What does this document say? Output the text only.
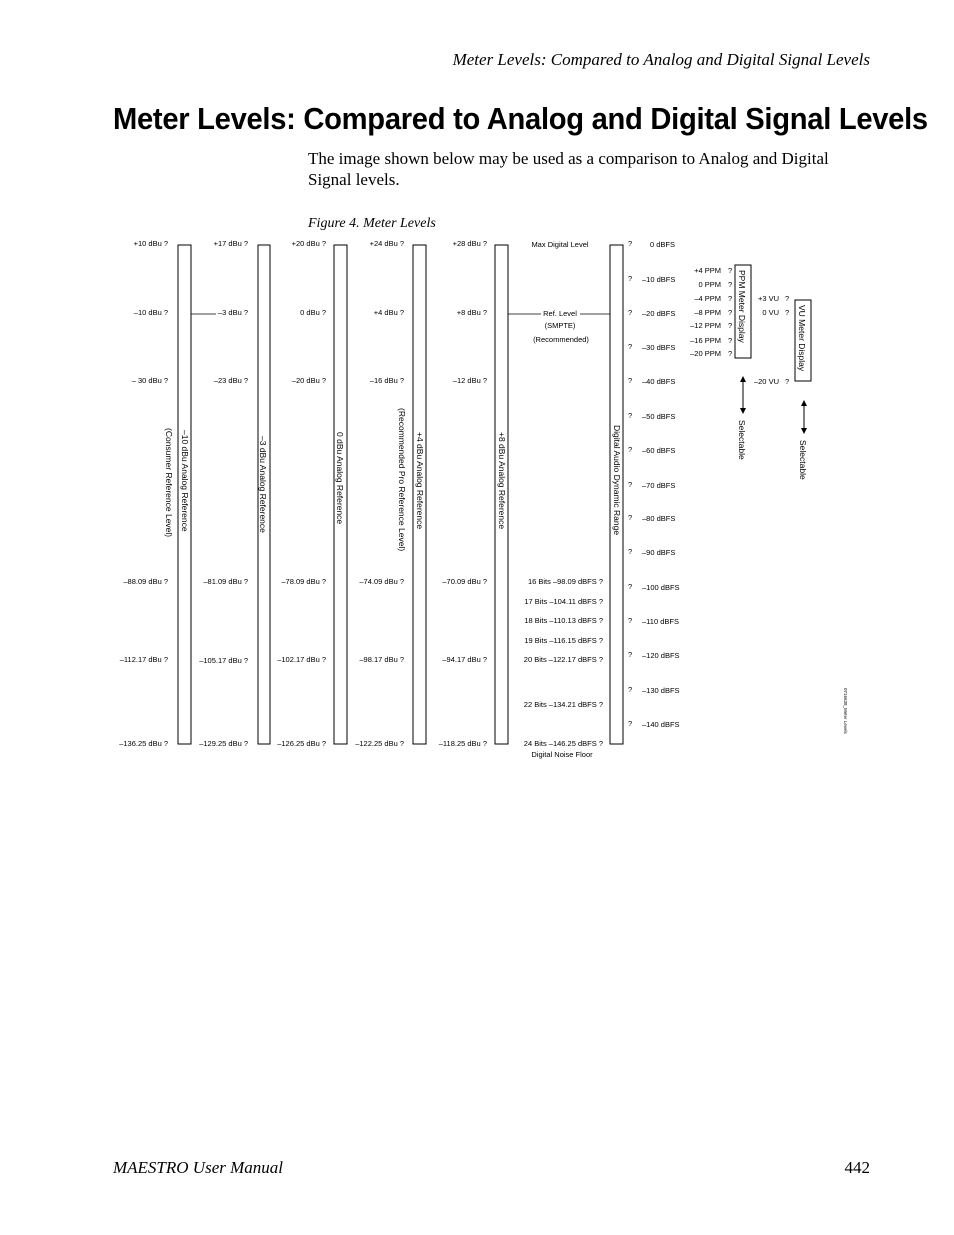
Meter Levels: Compared to Analog and Digital Signal Levels
Meter Levels: Compared to Analog and Digital Signal Levels

The image shown below may be used as a comparison to Analog and Digital Signal levels.

Figure 4. Meter Levels
+10 dBu ?
–10 dBu ?
– 30 dBu ?
–88.09 dBu ?
–112.17 dBu ?
–136.25 dBu ?
–10 dBu Analog Reference
(Consumer Reference Level)
+17 dBu ?
–3 dBu ?
–23 dBu ?
–81.09 dBu ?
–105.17 dBu ?
–129.25 dBu ?
–3 dBu Analog Reference
+20 dBu ?
0 dBu ?
–20 dBu ?
–78.09 dBu ?
–102.17 dBu ?
–126.25 dBu ?
0 dBu Analog Reference
+24 dBu ?
+4 dBu ?
–16 dBu ?
–74.09 dBu ?
–98.17 dBu ?
–122.25 dBu ?
+4 dBu Analog Reference
(Recommended Pro Reference Level)
+28 dBu ?
+8 dBu ?
–12 dBu ?
–70.09 dBu ?
–94.17 dBu ?
–118.25 dBu ?
+8 dBu Analog Reference
Max Digital Level
Ref. Level
(SMPTE)
(Recommended)
16 Bits –98.09 dBFS ?
17 Bits –104.11 dBFS ?
18 Bits –110.13 dBFS ?
19 Bits –116.15 dBFS ?
20 Bits –122.17 dBFS ?
22 Bits –134.21 dBFS ?
24 Bits –146.25 dBFS ?
Digital Noise Floor
Digital Audio Dynamic Range
? 0 dBFS
? –10 dBFS
? –20 dBFS
? –30 dBFS
? –40 dBFS
? –50 dBFS
? –60 dBFS
? –70 dBFS
? –80 dBFS
? –90 dBFS
? –100 dBFS
? –110 dBFS
? –120 dBFS
? –130 dBFS
? –140 dBFS
PPM Meter Display
+4 PPM ?
0 PPM ?
–4 PPM ?
–8 PPM ?
–12 PPM ?
–16 PPM ?
–20 PPM ?
Selectable
VU Meter Display
+3 VU ?
0 VU ?
–20 VU ?
Selectable
0716638_Meter Levels
MAESTRO User Manual	442
